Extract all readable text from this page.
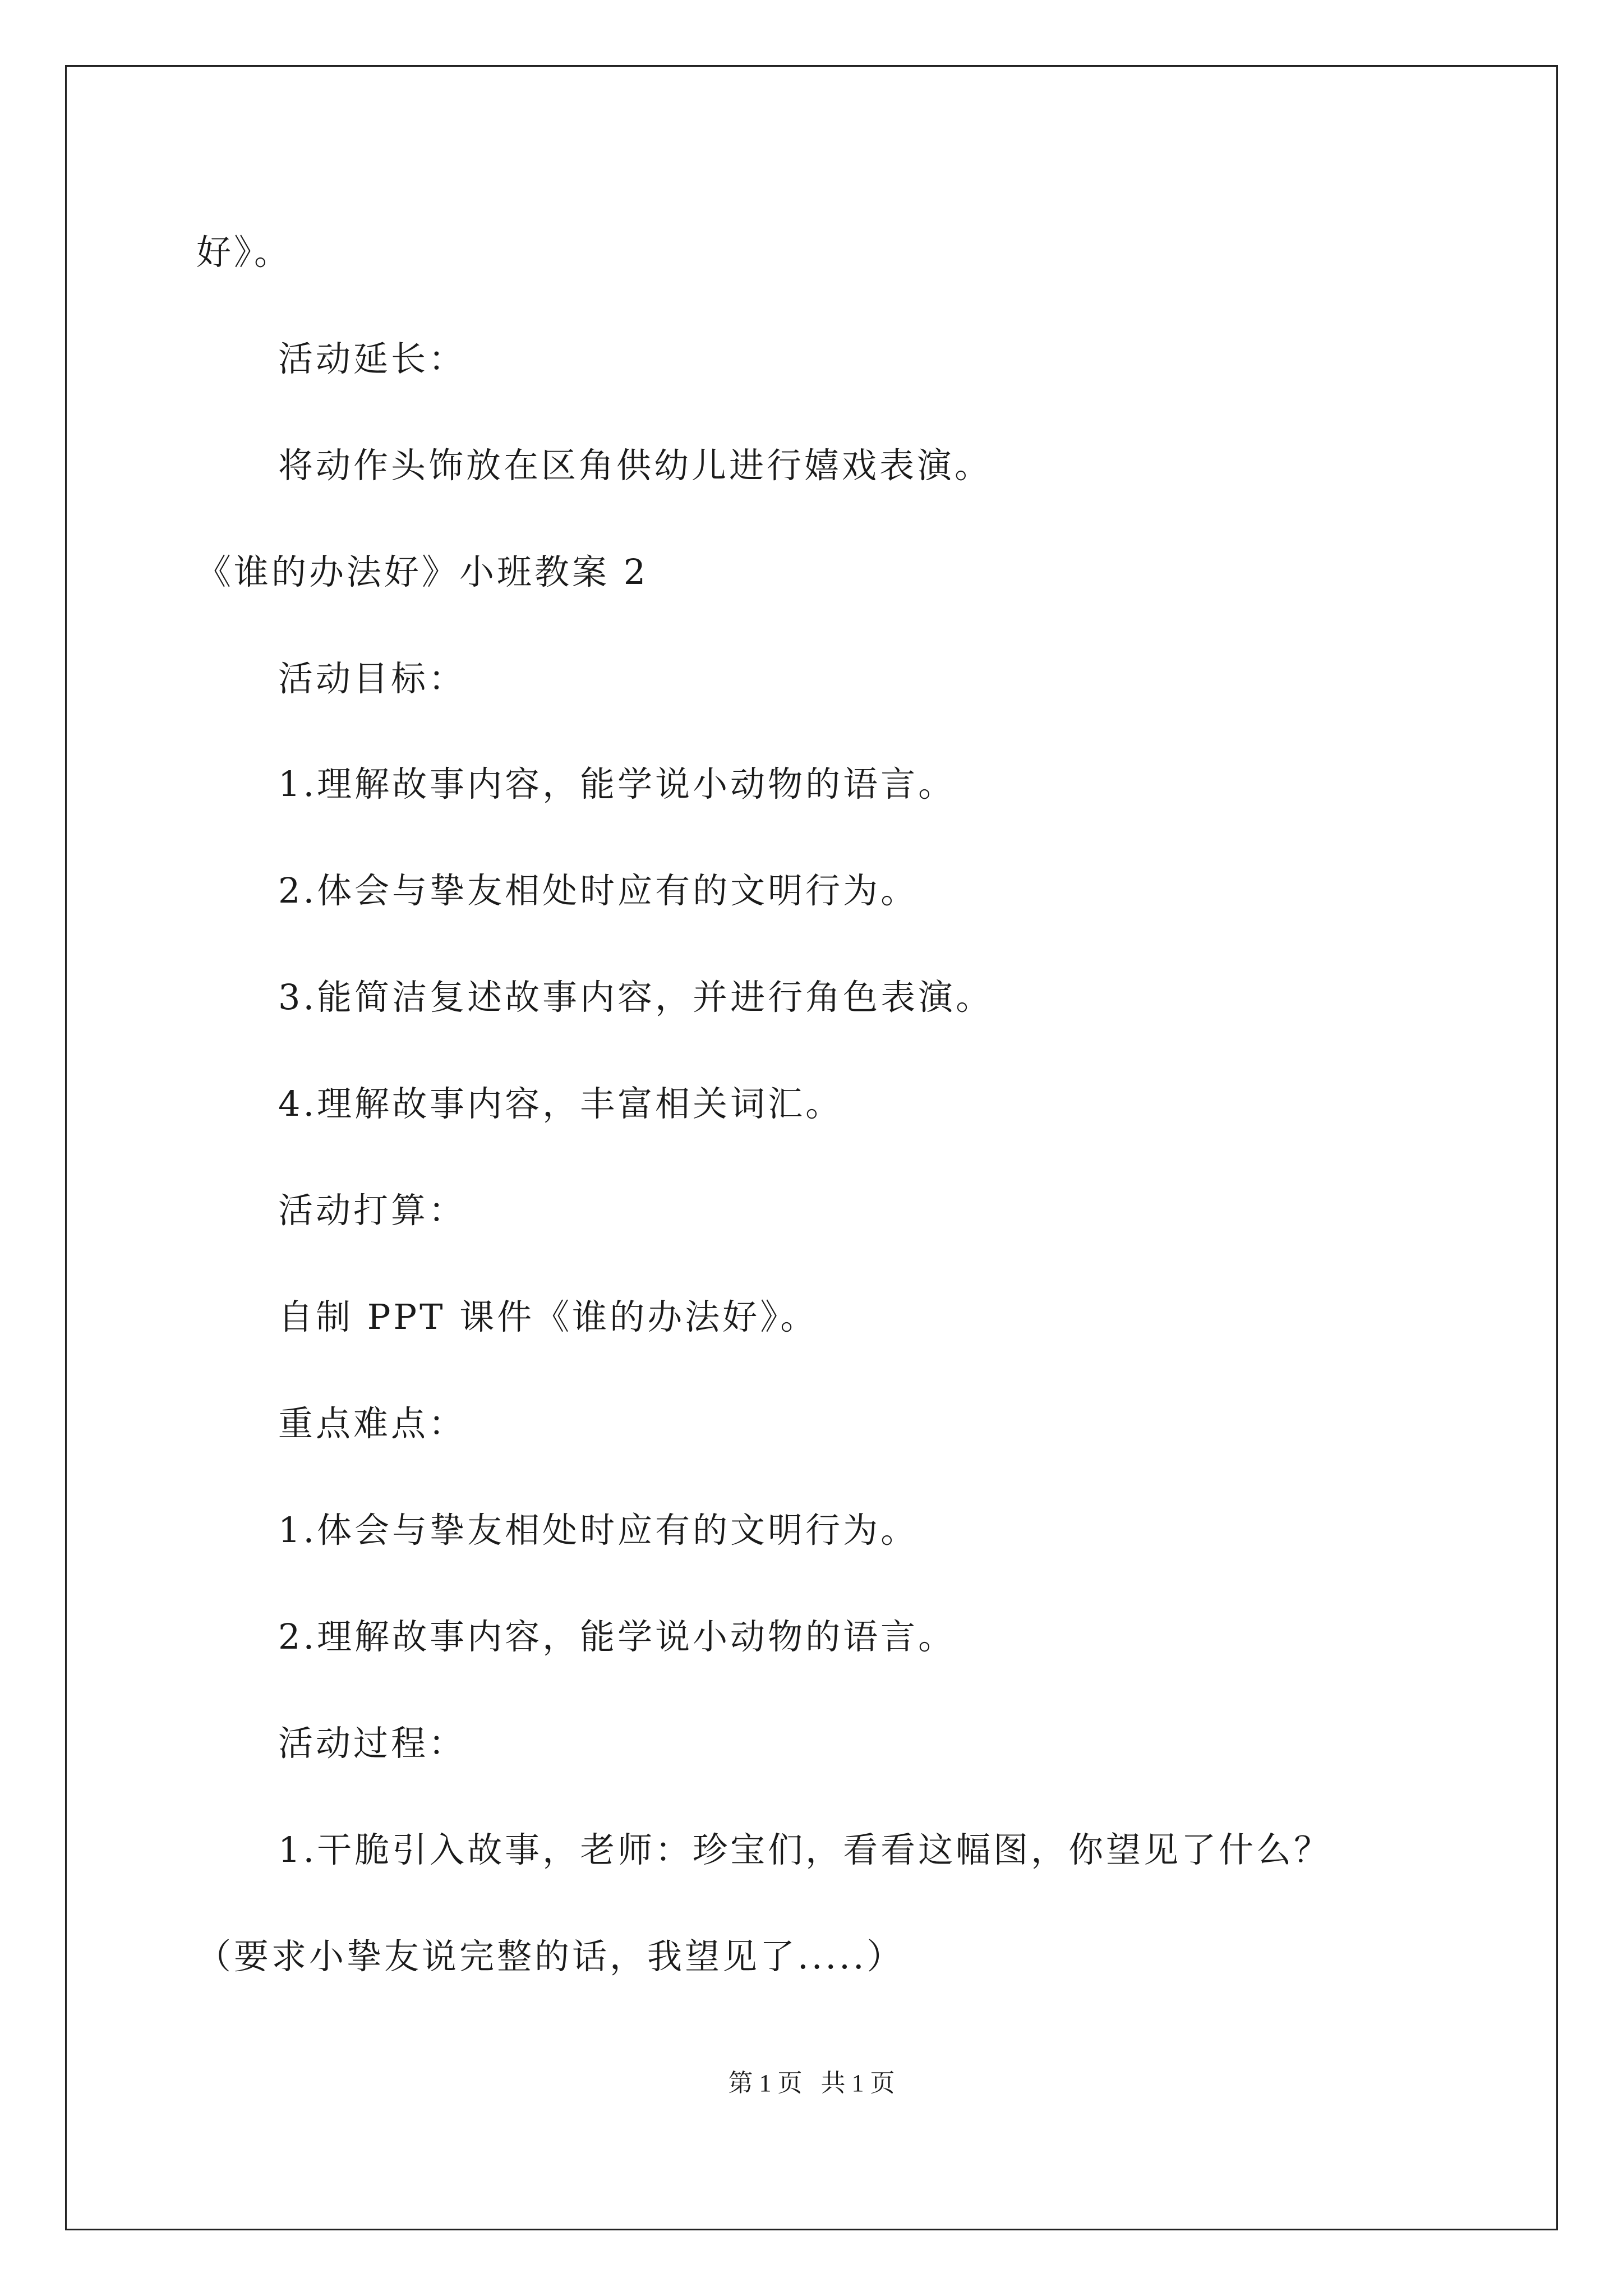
好》。
活动延长：
将动作头饰放在区角供幼儿进行嬉戏表演。
《谁的办法好》小班教案 2
活动目标：
1.理解故事内容，能学说小动物的语言。
2.体会与挚友相处时应有的文明行为。
3.能简洁复述故事内容，并进行角色表演。
4.理解故事内容，丰富相关词汇。
活动打算：
自制 PPT 课件《谁的办法好》。
重点难点：
1.体会与挚友相处时应有的文明行为。
2.理解故事内容，能学说小动物的语言。
活动过程：
1.干脆引入故事，老师：珍宝们，看看这幅图，你望见了什么？
（要求小挚友说完整的话，我望见了.....）
第 1 页   共 1 页
